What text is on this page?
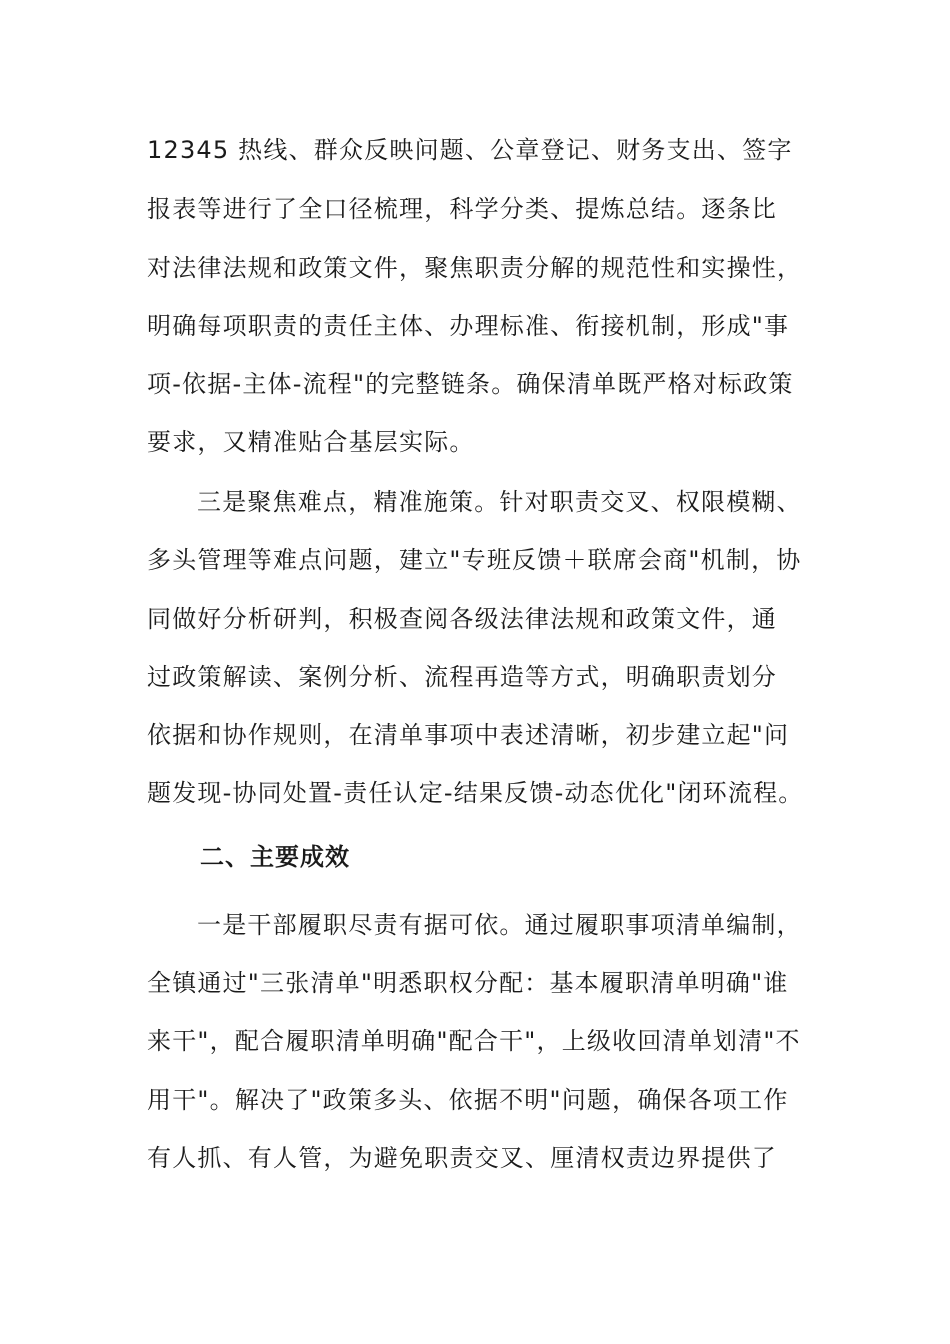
12345 热线、群众反映问题、公章登记、财务支出、签字
报表等进行了全口径梳理，科学分类、提炼总结。逐条比
对法律法规和政策文件，聚焦职责分解的规范性和实操性，
明确每项职责的责任主体、办理标准、衔接机制，形成"事
项-依据-主体-流程"的完整链条。确保清单既严格对标政策
要求，又精准贴合基层实际。
三是聚焦难点，精准施策。针对职责交叉、权限模糊、
多头管理等难点问题，建立"专班反馈＋联席会商"机制，协
同做好分析研判，积极查阅各级法律法规和政策文件，通
过政策解读、案例分析、流程再造等方式，明确职责划分
依据和协作规则，在清单事项中表述清晰，初步建立起"问
题发现-协同处置-责任认定-结果反馈-动态优化"闭环流程。
二、主要成效
一是干部履职尽责有据可依。通过履职事项清单编制，
全镇通过"三张清单"明悉职权分配：基本履职清单明确"谁
来干"，配合履职清单明确"配合干"，上级收回清单划清"不
用干"。解决了"政策多头、依据不明"问题，确保各项工作
有人抓、有人管，为避免职责交叉、厘清权责边界提供了
